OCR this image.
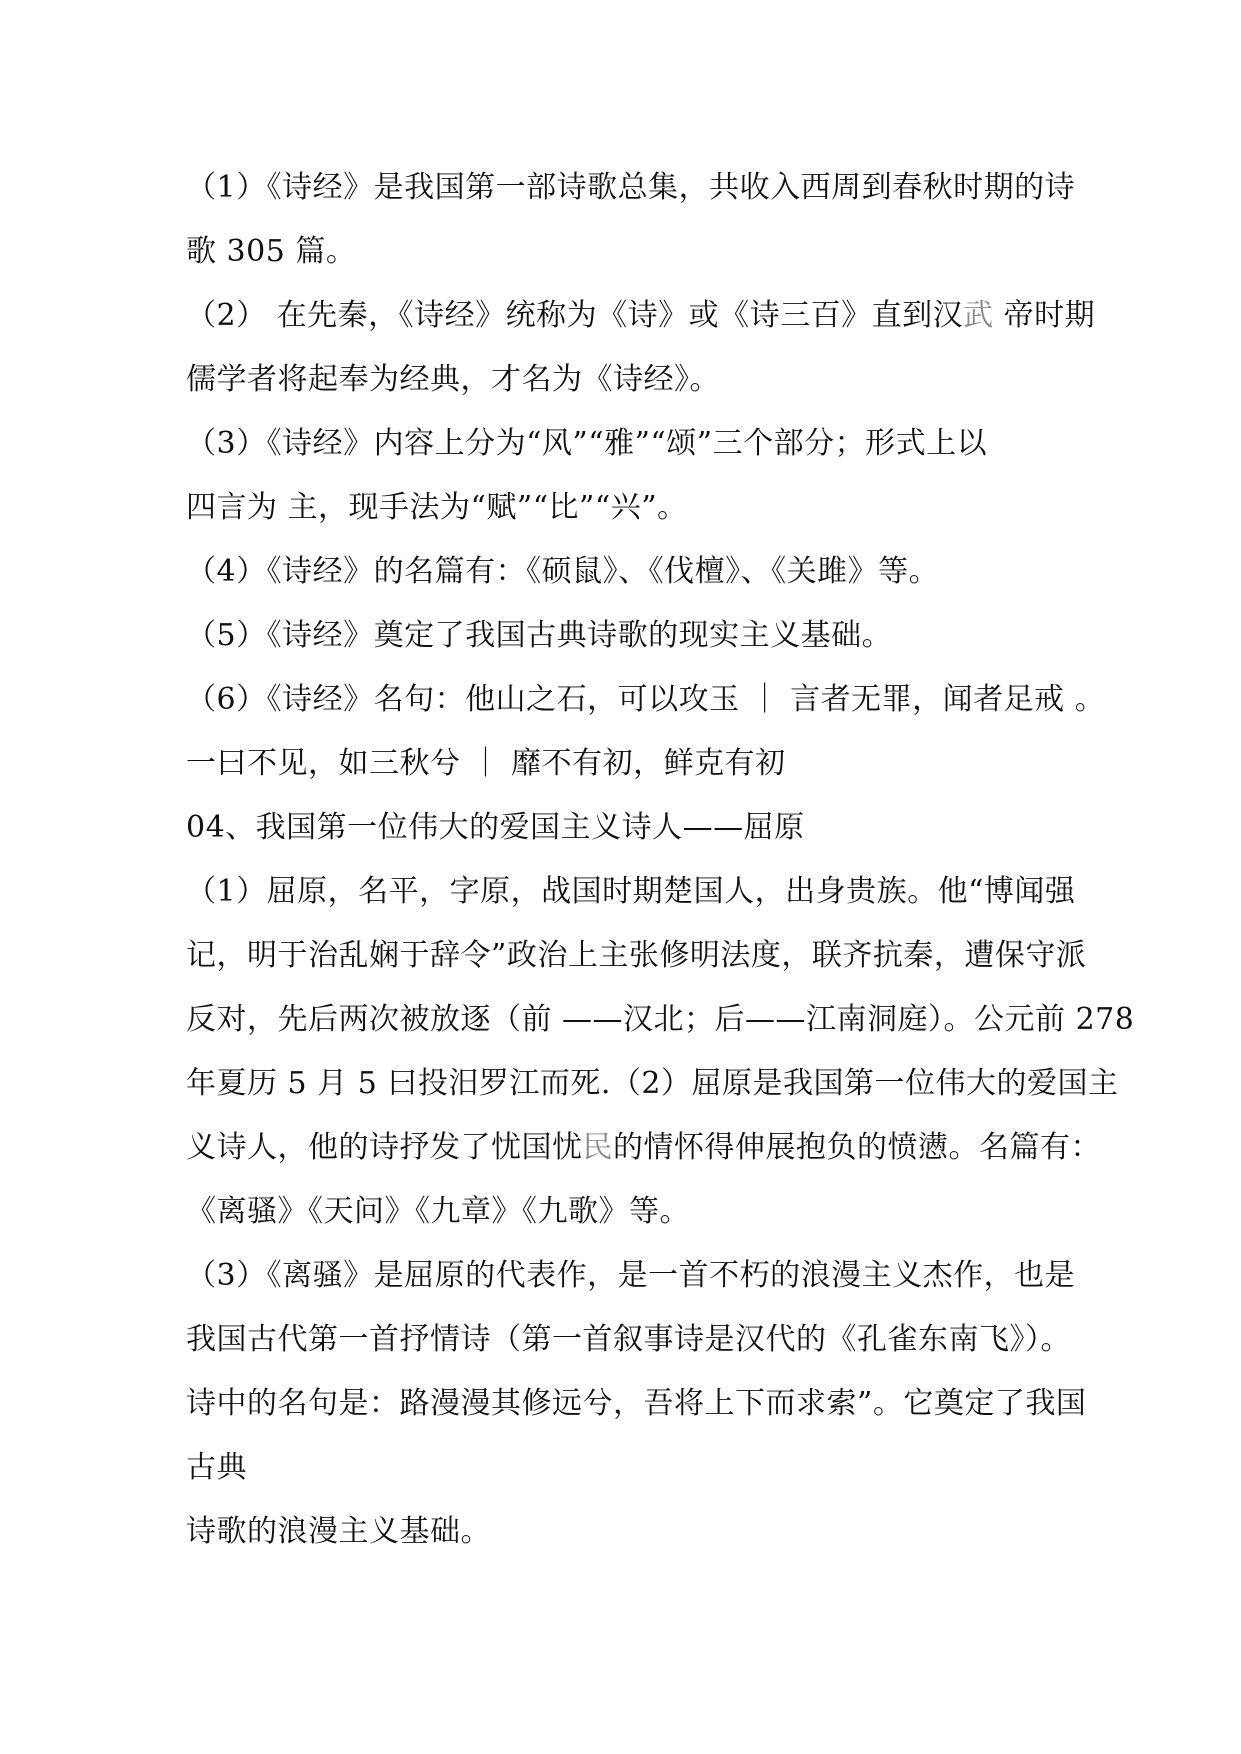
（1）《诗经》是我国第一部诗歌总集，共收入西周到春秋时期的诗
歌 305 篇。
（2） 在先秦，《诗经》统称为《诗》或《诗三百》直到汉武 帝时期
儒学者将起奉为经典，才名为《诗经》。
（3）《诗经》内容上分为“风”“雅”“颂”三个部分；形式上以
四言为 主，现手法为“赋”“比”“兴”。
（4）《诗经》的名篇有：《硕鼠》、《伐檀》、《关雎》等。
（5）《诗经》奠定了我国古典诗歌的现实主义基础。
（6）《诗经》名句：他山之石，可以攻玉 ｜ 言者无罪，闻者足戒 。
一曰不见，如三秋兮 ｜ 靡不有初，鲜克有初
04、我国第一位伟大的爱国主义诗人——屈原
（1）屈原，名平，字原，战国时期楚国人，出身贵族。他“博闻强
记，明于治乱娴于辞令”政治上主张修明法度，联齐抗秦，遭保守派
反对，先后两次被放逐（前 ——汉北；后——江南洞庭）。公元前 278
年夏历 5 月 5 曰投汨罗江而死.（2）屈原是我国第一位伟大的爱国主
义诗人，他的诗抒发了忧国忧民的情怀得伸展抱负的愤懑。名篇有：
《离骚》《天问》《九章》《九歌》等。
（3）《离骚》是屈原的代表作，是一首不朽的浪漫主义杰作，也是
我国古代第一首抒情诗（第一首叙事诗是汉代的《孔雀东南飞》）。
诗中的名句是：路漫漫其修远兮，吾将上下而求索”。它奠定了我国
古典
诗歌的浪漫主义基础。
